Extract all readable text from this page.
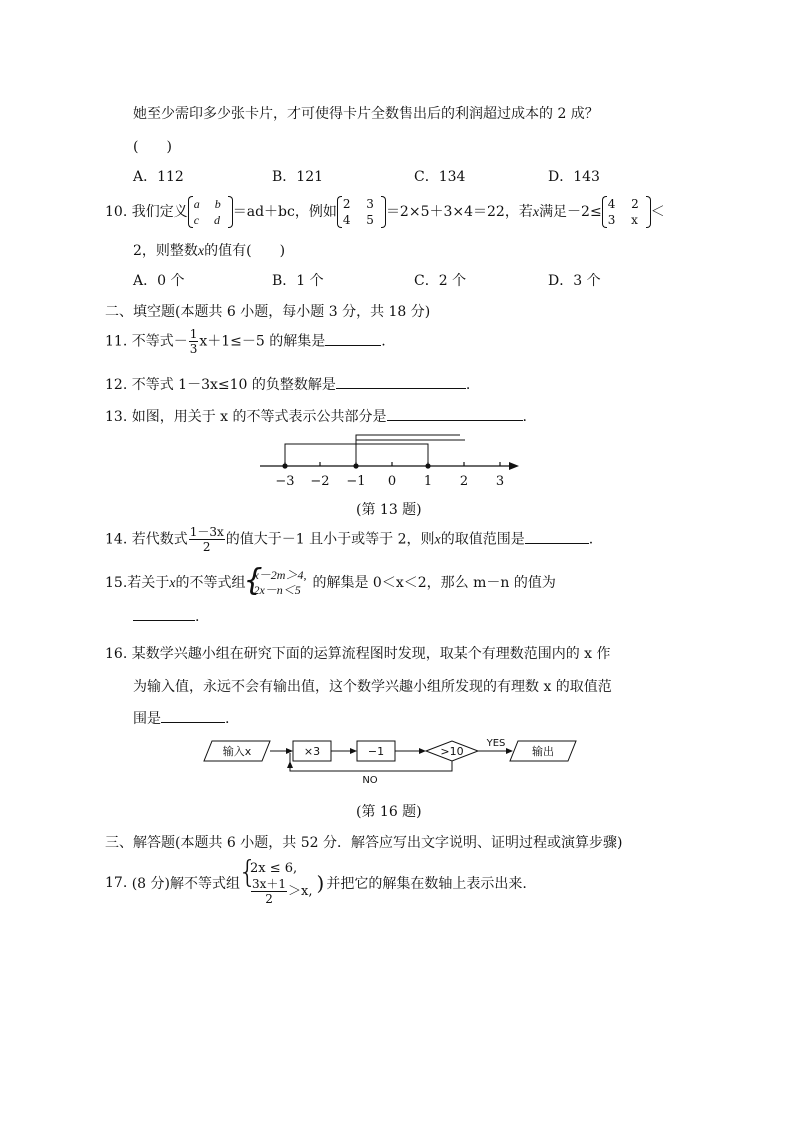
她至少需印多少张卡片，才可使得卡片全数售出后的利润超过成本的 2 成？
(　　)
A．112	B．121	C．134	D．143
10. 我们定义 a b
c d ＝ad＋bc，例如 2 3
4 5 ＝2×5＋3×4＝22，若x满足－2≤ 4 2
3 x ＜
2，则整数x的值有(　　)
A．0 个	B．1 个	C．2 个	D．3 个
二、填空题(本题共 6 小题，每小题 3 分，共 18 分)
11. 不等式－ $\frac{1}{3} x+1\le-5$ 的解集是	.
12. 不等式 1－3x≤10 的负整数解是	.
13. 如图，用关于 x 的不等式表示公共部分是	.
−3 −2 −1 0 1 2 3
(第 13 题)
14. 若代数式 $\frac{1-3x}{2}$ 的值大于－1 且小于或等于 2，则x的取值范围是	.
15.若关于x的不等式组
{ x－2m＞4,
2x－n＜5 的解集是 0＜x＜2，那么 m－n 的值为
.
16. 某数学兴趣小组在研究下面的运算流程图时发现，取某个有理数范围内的 x 作
为输入值，永远不会有输出值，这个数学兴趣小组所发现的有理数 x 的取值范
围是	.
输入x	×3	−1	>10	输出
YES
NO
(第 16 题)
三、解答题(本题共 6 小题，共 52 分．解答应写出文字说明、证明过程或演算步骤)
17. (8 分)解不等式组
{ 2x ≤ 6,
$\frac{3x+1}{2} >x$, ) 并把它的解集在数轴上表示出来.
